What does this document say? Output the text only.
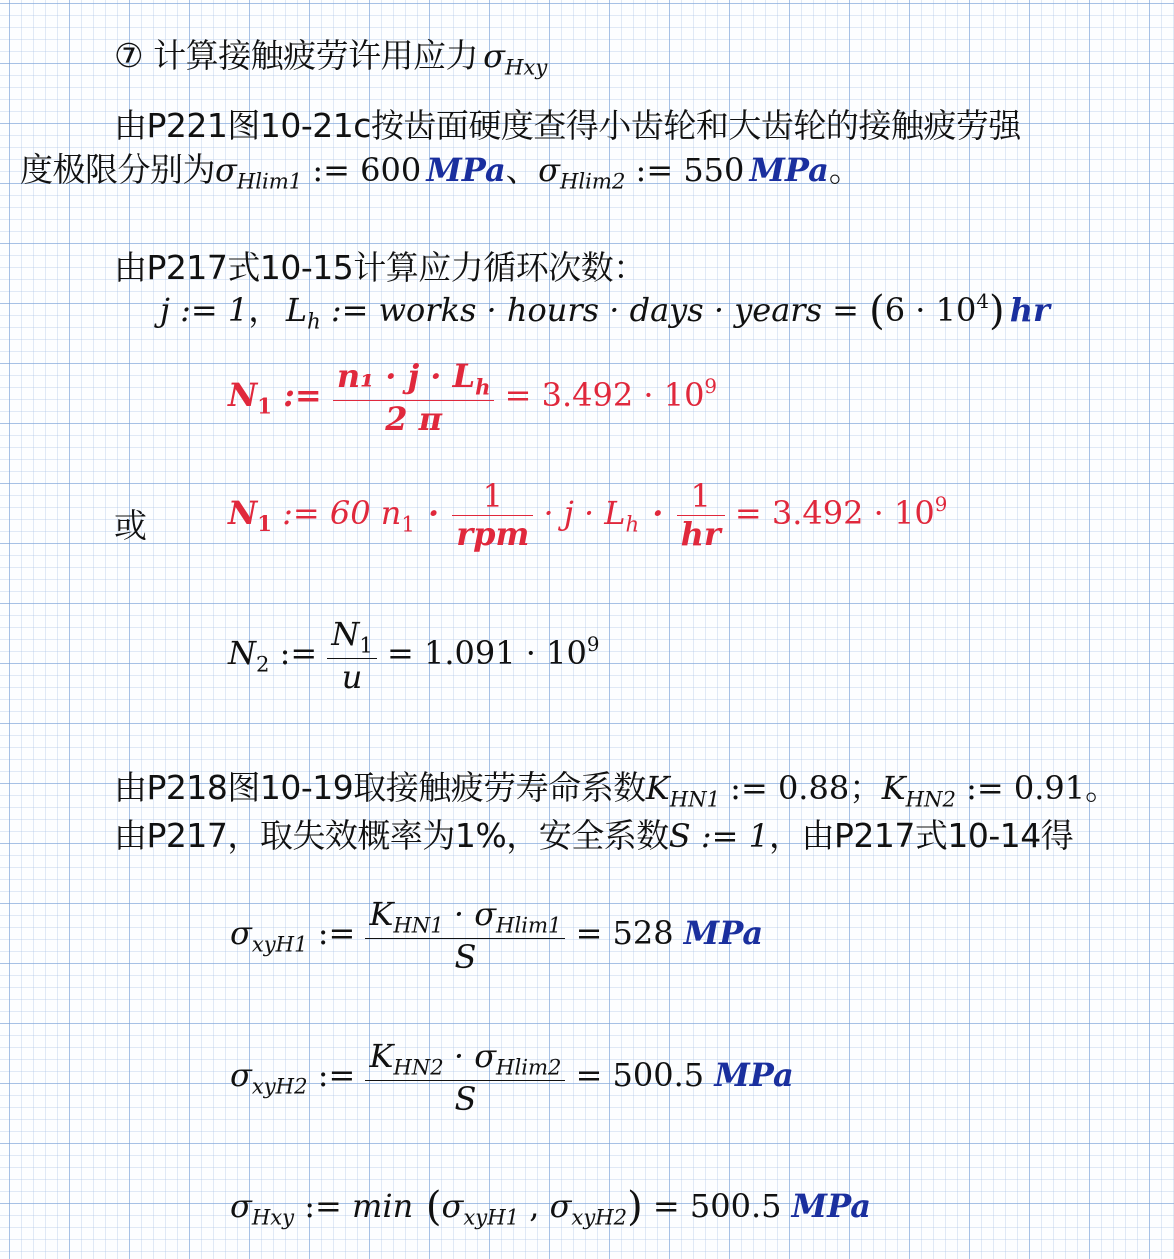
⑦ 计算接触疲劳许用应力 $\sigma_{Hxy}$
由P221图10-21c按齿面硬度查得小齿轮和大齿轮的接触疲劳强
度极限分别为$\sigma_{Hlim1}$ := 600 MPa、$\sigma_{Hlim2}$ := 550 MPa。
由P217式10-15计算应力循环次数：
j := 1， $L_h$ := works · hours · days · years = $(6 \cdot 10^4)$ hr
$N_1$ := $\frac{n_1 \cdot j \cdot L_h}{2 \pi} = 3.492 \cdot 10^9$
或	$N_1$ := 60 $n_1 \cdot \frac{1}{\text{rpm}} \cdot j \cdot L_h \cdot \frac{1}{hr} = 3.492 \cdot 10^9$
$N_2$ := $\frac{N_1}{u} = 1.091 \cdot 10^9$
由P218图10-19取接触疲劳寿命系数$K_{HN1}$ := 0.88；$K_{HN2}$ := 0.91。
由P217，取失效概率为1%，安全系数S := 1，由P217式10-14得
$\sigma_{xyH1}$ := $\frac{K_{HN1} \cdot \sigma_{Hlim1}}{S} = 528$ MPa
$\sigma_{xyH2}$ := $\frac{K_{HN2} \cdot \sigma_{Hlim2}}{S} = 500.5$ MPa
$\sigma_{Hxy}$ := $\min (\sigma_{xyH1}$ , $\sigma_{xyH2}) = 500.5$ MPa
